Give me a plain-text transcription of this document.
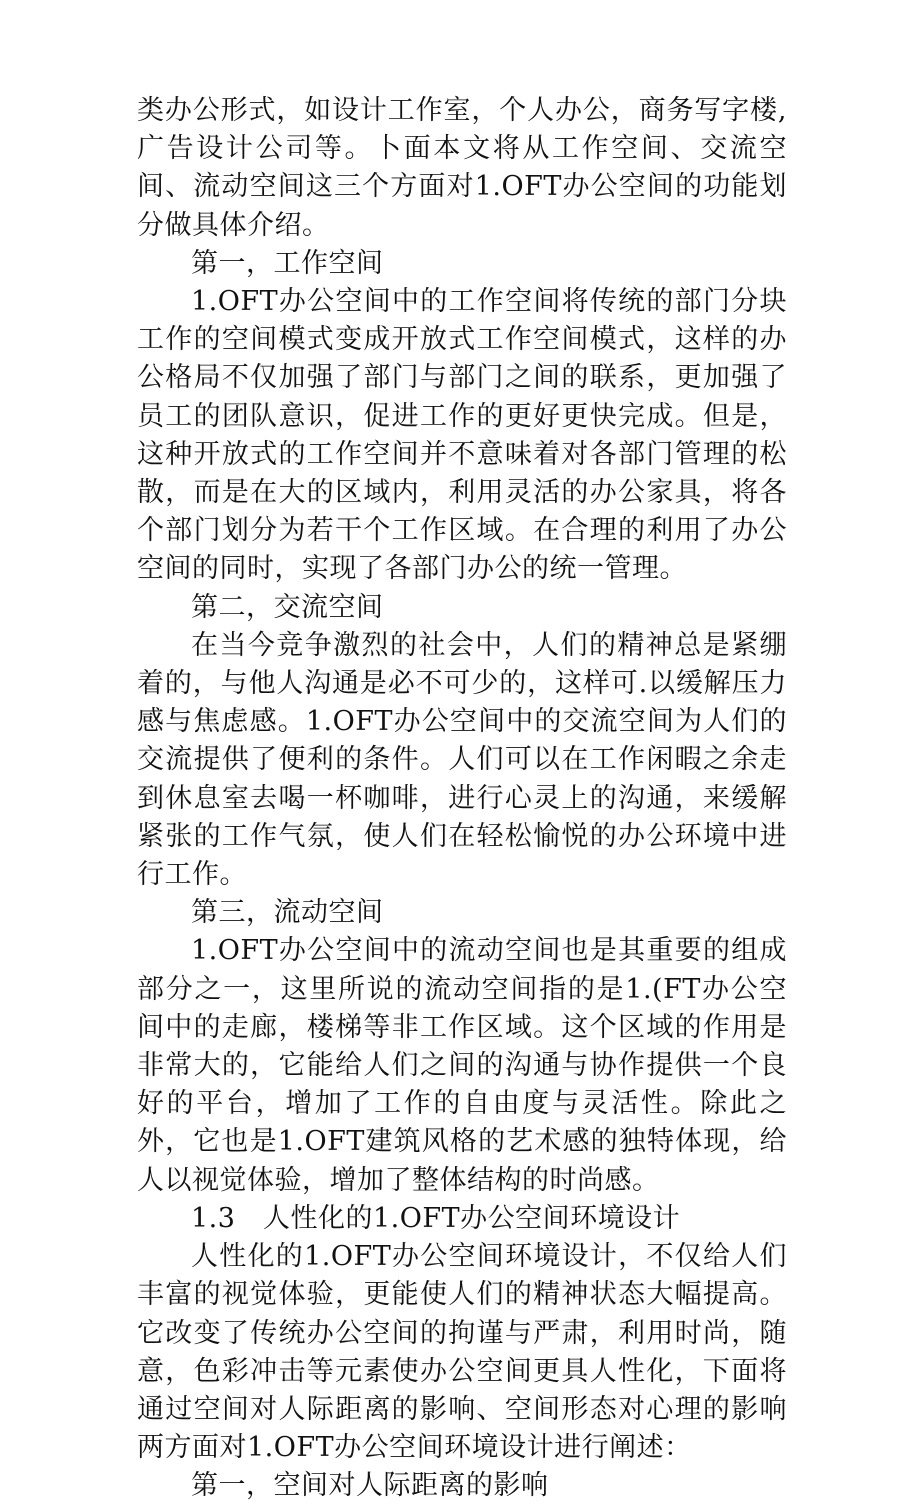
类办公形式，如设计工作室，个人办公，商务写字楼,广告设计公司等。卜面本文将从工作空间、交流空间、流动空间这三个方面对1.OFT办公空间的功能划分做具体介绍。

第一，工作空间

1.OFT办公空间中的工作空间将传统的部门分块工作的空间模式变成开放式工作空间模式，这样的办公格局不仅加强了部门与部门之间的联系，更加强了员工的团队意识，促进工作的更好更快完成。但是，这种开放式的工作空间并不意味着对各部门管理的松散，而是在大的区域内，利用灵活的办公家具，将各个部门划分为若干个工作区域。在合理的利用了办公空间的同时，实现了各部门办公的统一管理。

第二，交流空间

在当今竞争激烈的社会中，人们的精神总是紧绷着的，与他人沟通是必不可少的，这样可.以缓解压力感与焦虑感。1.OFT办公空间中的交流空间为人们的交流提供了便利的条件。人们可以在工作闲暇之余走到休息室去喝一杯咖啡，进行心灵上的沟通，来缓解紧张的工作气氛，使人们在轻松愉悦的办公环境中进行工作。

第三，流动空间

1.OFT办公空间中的流动空间也是其重要的组成部分之一，这里所说的流动空间指的是1.(FT办公空间中的走廊，楼梯等非工作区域。这个区域的作用是非常大的，它能给人们之间的沟通与协作提供一个良好的平台，增加了工作的自由度与灵活性。除此之外，它也是1.OFT建筑风格的艺术感的独特体现，给人以视觉体验，增加了整体结构的时尚感。

1.3　人性化的1.OFT办公空间环境设计

人性化的1.OFT办公空间环境设计，不仅给人们丰富的视觉体验，更能使人们的精神状态大幅提高。它改变了传统办公空间的拘谨与严肃，利用时尚，随意，色彩冲击等元素使办公空间更具人性化，下面将通过空间对人际距离的影响、空间形态对心理的影响两方面对1.OFT办公空间环境设计进行阐述：

第一，空间对人际距离的影响
